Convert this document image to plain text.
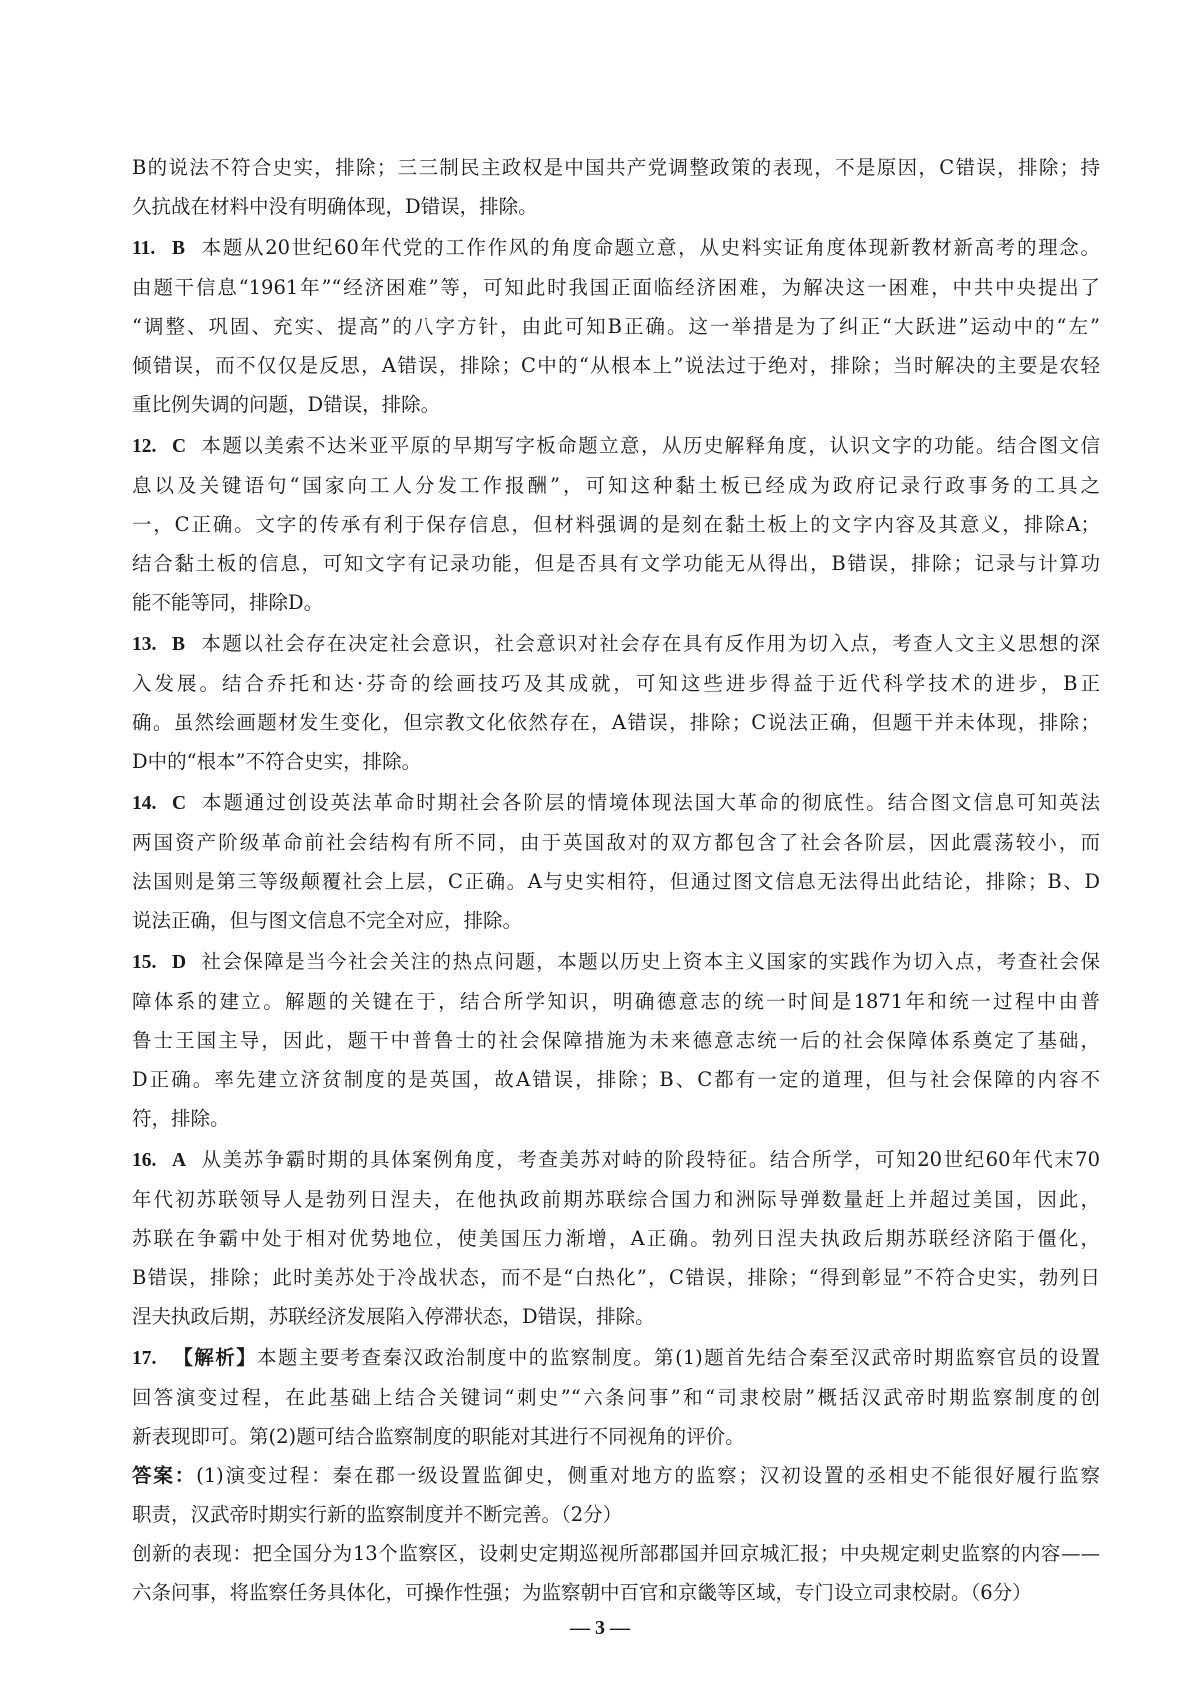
B的说法不符合史实，排除；三三制民主政权是中国共产党调整政策的表现，不是原因，C错误，排除；持

久抗战在材料中没有明确体现，D错误，排除。

11. B 本题从20世纪60年代党的工作作风的角度命题立意，从史料实证角度体现新教材新高考的理念。

由题干信息“1961年”“经济困难”等，可知此时我国正面临经济困难，为解决这一困难，中共中央提出了

“调整、巩固、充实、提高”的八字方针，由此可知B正确。这一举措是为了纠正“大跃进”运动中的“左”

倾错误，而不仅仅是反思，A错误，排除；C中的“从根本上”说法过于绝对，排除；当时解决的主要是农轻

重比例失调的问题，D错误，排除。

12. C 本题以美索不达米亚平原的早期写字板命题立意，从历史解释角度，认识文字的功能。结合图文信

息以及关键语句“国家向工人分发工作报酬”，可知这种黏土板已经成为政府记录行政事务的工具之

一，C正确。文字的传承有利于保存信息，但材料强调的是刻在黏土板上的文字内容及其意义，排除A；

结合黏土板的信息，可知文字有记录功能，但是否具有文学功能无从得出，B错误，排除；记录与计算功

能不能等同，排除D。

13. B 本题以社会存在决定社会意识，社会意识对社会存在具有反作用为切入点，考查人文主义思想的深

入发展。结合乔托和达·芬奇的绘画技巧及其成就，可知这些进步得益于近代科学技术的进步，B正

确。虽然绘画题材发生变化，但宗教文化依然存在，A错误，排除；C说法正确，但题干并未体现，排除；

D中的“根本”不符合史实，排除。

14. C 本题通过创设英法革命时期社会各阶层的情境体现法国大革命的彻底性。结合图文信息可知英法

两国资产阶级革命前社会结构有所不同，由于英国敌对的双方都包含了社会各阶层，因此震荡较小，而

法国则是第三等级颠覆社会上层，C正确。A与史实相符，但通过图文信息无法得出此结论，排除；B、D

说法正确，但与图文信息不完全对应，排除。

15. D 社会保障是当今社会关注的热点问题，本题以历史上资本主义国家的实践作为切入点，考查社会保

障体系的建立。解题的关键在于，结合所学知识，明确德意志的统一时间是1871年和统一过程中由普

鲁士王国主导，因此，题干中普鲁士的社会保障措施为未来德意志统一后的社会保障体系奠定了基础，

D正确。率先建立济贫制度的是英国，故A错误，排除；B、C都有一定的道理，但与社会保障的内容不

符，排除。

16. A 从美苏争霸时期的具体案例角度，考查美苏对峙的阶段特征。结合所学，可知20世纪60年代末70

年代初苏联领导人是勃列日涅夫，在他执政前期苏联综合国力和洲际导弹数量赶上并超过美国，因此，

苏联在争霸中处于相对优势地位，使美国压力渐增，A正确。勃列日涅夫执政后期苏联经济陷于僵化，

B错误，排除；此时美苏处于冷战状态，而不是“白热化”，C错误，排除；“得到彰显”不符合史实，勃列日

涅夫执政后期，苏联经济发展陷入停滞状态，D错误，排除。

17. 【解析】本题主要考查秦汉政治制度中的监察制度。第(1)题首先结合秦至汉武帝时期监察官员的设置

回答演变过程，在此基础上结合关键词“刺史”“六条问事”和“司隶校尉”概括汉武帝时期监察制度的创

新表现即可。第(2)题可结合监察制度的职能对其进行不同视角的评价。

答案：(1)演变过程：秦在郡一级设置监御史，侧重对地方的监察；汉初设置的丞相史不能很好履行监察

职责，汉武帝时期实行新的监察制度并不断完善。（2分）

创新的表现：把全国分为13个监察区，设刺史定期巡视所部郡国并回京城汇报；中央规定刺史监察的内容——

六条问事，将监察任务具体化，可操作性强；为监察朝中百官和京畿等区域，专门设立司隶校尉。（6分）

— 3 —
